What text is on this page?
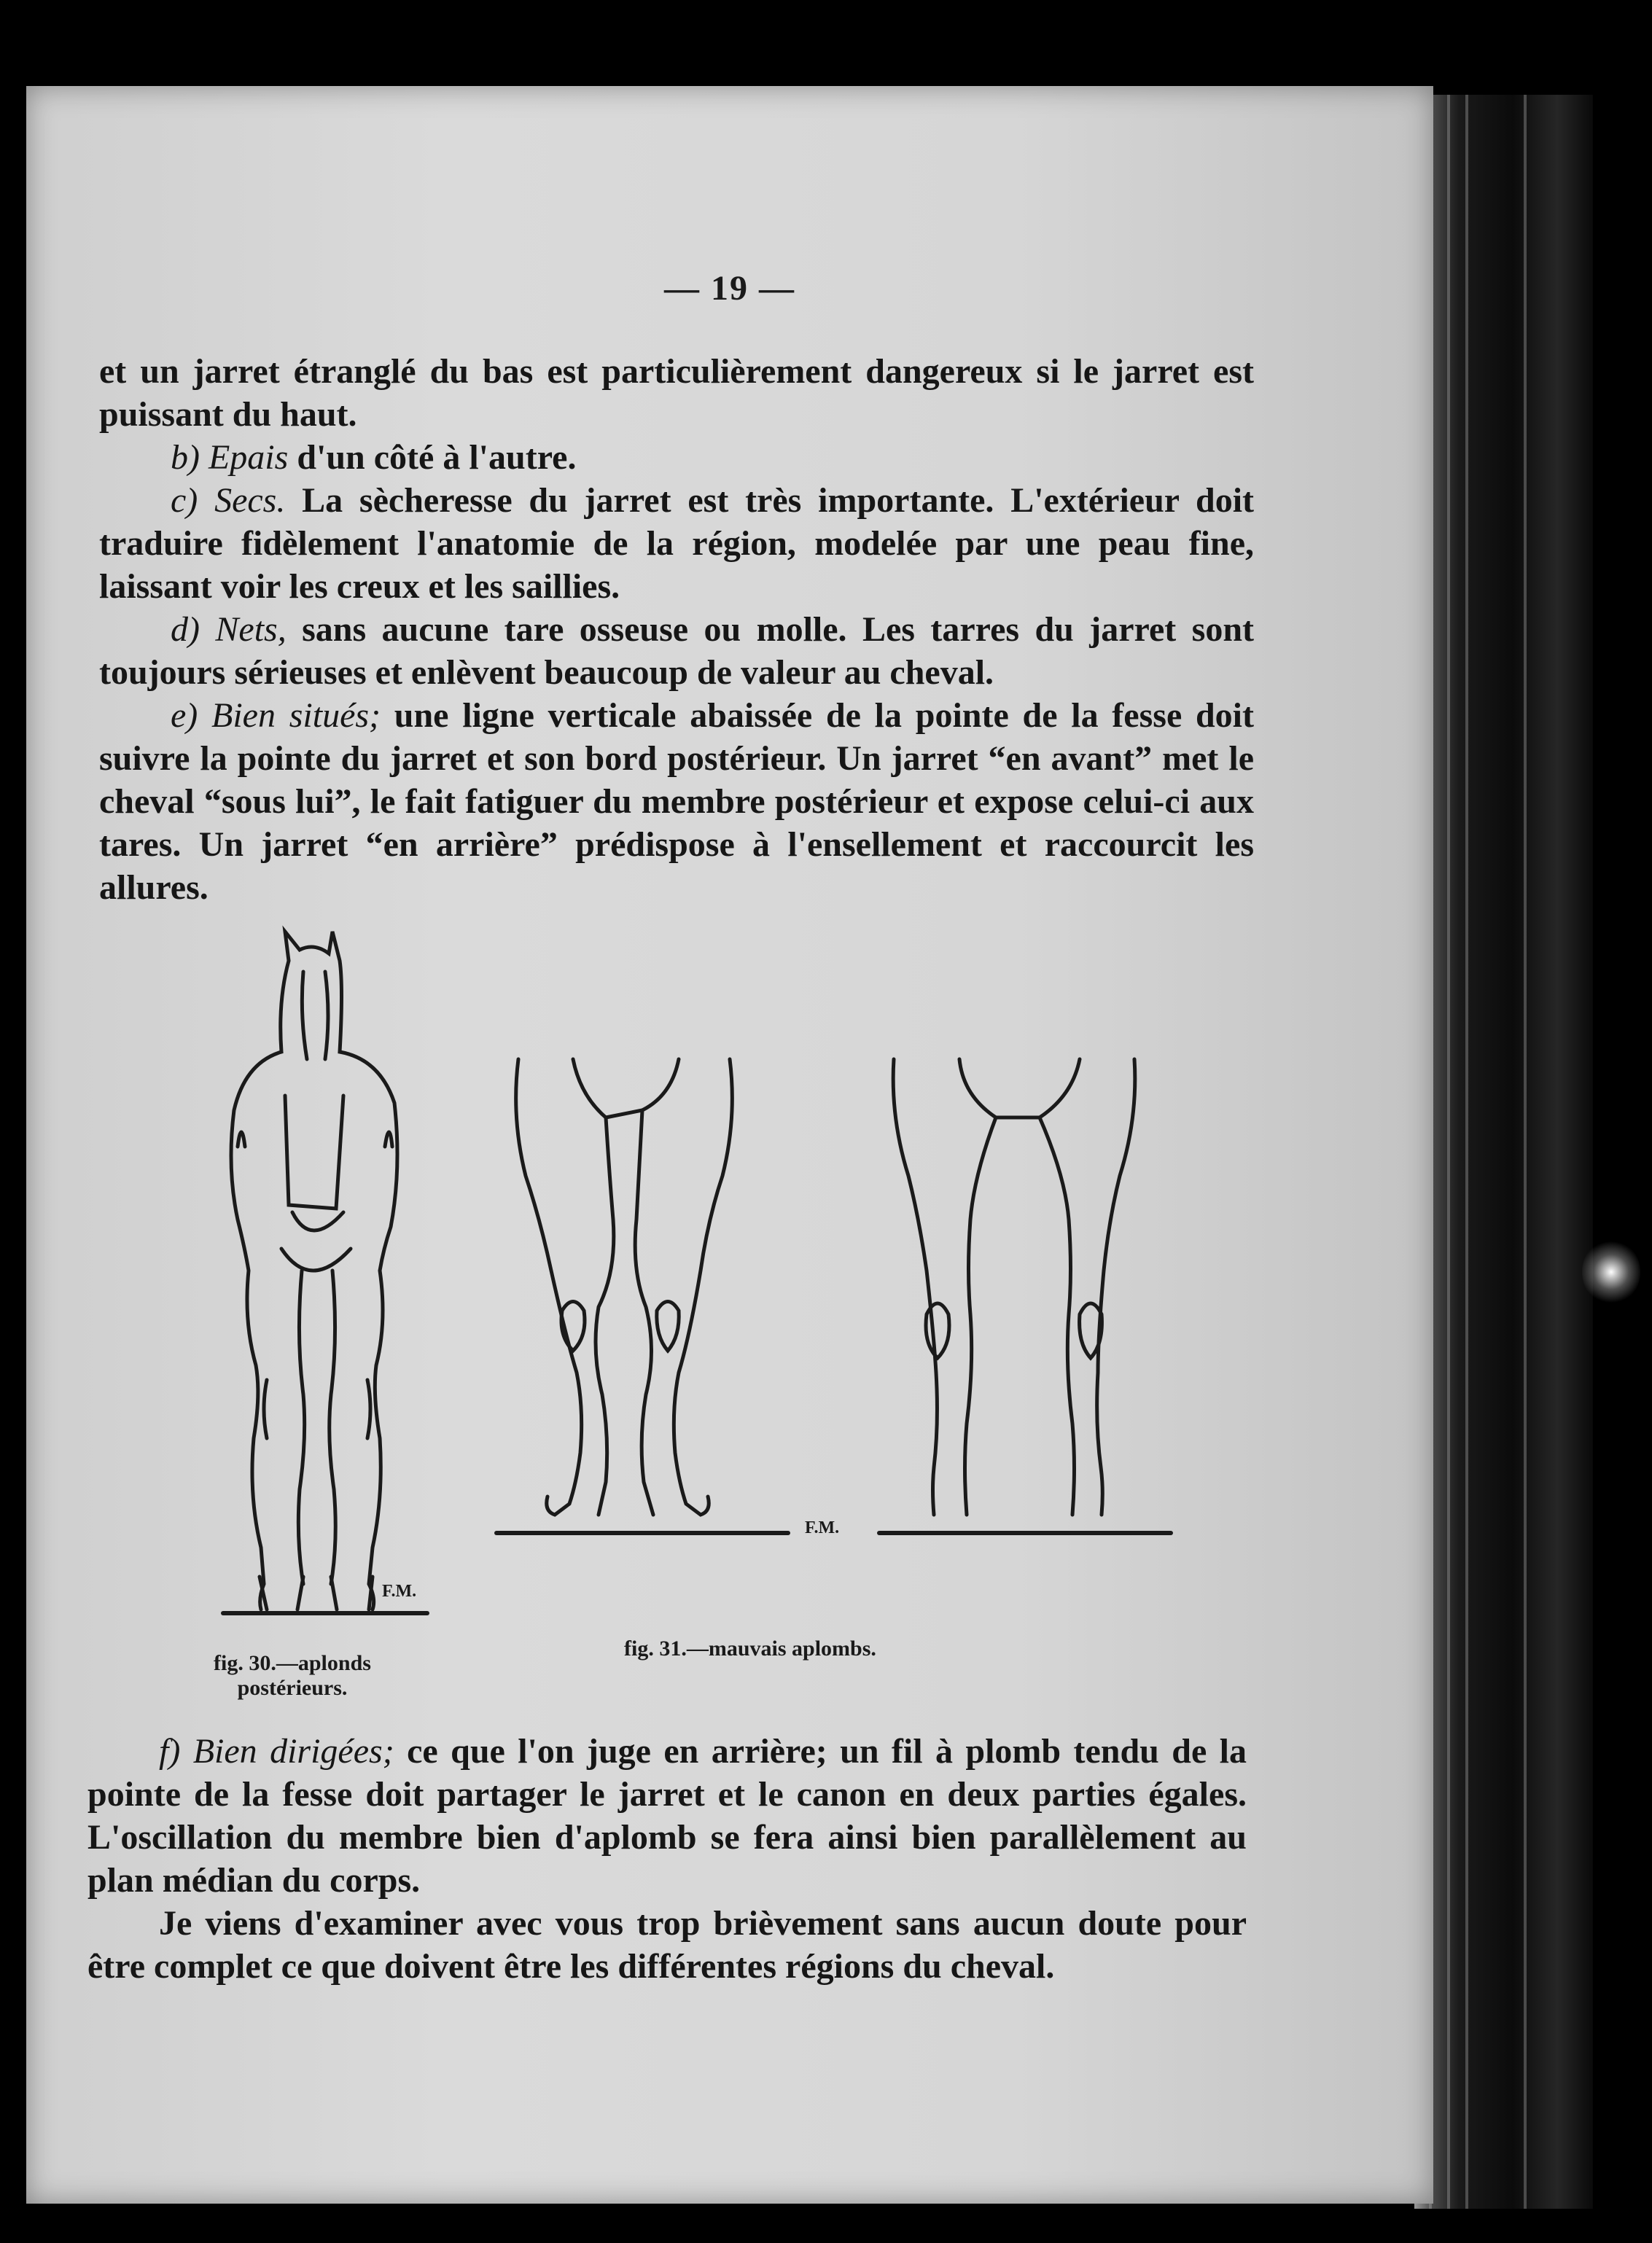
— 19 —

et un jarret étranglé du bas est particulièrement dangereux si le jarret est puissant du haut.

b) Epais d'un côté à l'autre.

c) Secs. La sècheresse du jarret est très importante. L'extérieur doit traduire fidèlement l'anatomie de la région, modelée par une peau fine, laissant voir les creux et les saillies.

d) Nets, sans aucune tare osseuse ou molle. Les tarres du jarret sont toujours sérieuses et enlèvent beaucoup de valeur au cheval.

e) Bien situés; une ligne verticale abaissée de la pointe de la fesse doit suivre la pointe du jarret et son bord postérieur. Un jarret “en avant” met le cheval “sous lui”, le fait fatiguer du membre postérieur et expose celui-ci aux tares. Un jarret “en arrière” prédispose à l'ensellement et raccourcit les allures.

F.M.
fig. 30.—aplonds
postérieurs.
F.M.
fig. 31.—mauvais aplombs.

f) Bien dirigées; ce que l'on juge en arrière; un fil à plomb tendu de la pointe de la fesse doit partager le jarret et le canon en deux parties égales. L'oscillation du membre bien d'aplomb se fera ainsi bien parallèlement au plan médian du corps.

Je viens d'examiner avec vous trop brièvement sans aucun doute pour être complet ce que doivent être les différentes régions du cheval.
